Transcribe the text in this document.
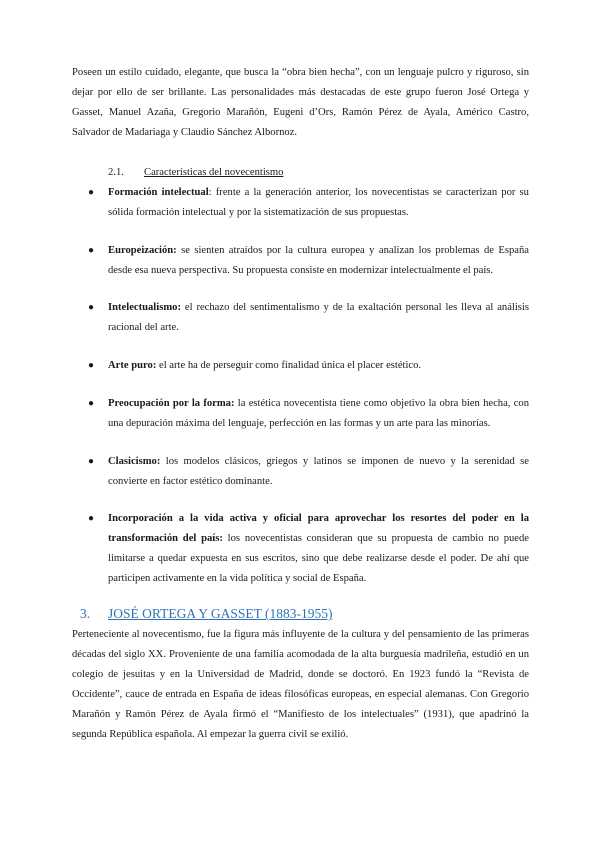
Poseen un estilo cuidado, elegante, que busca la “obra bien hecha”, con un lenguaje pulcro y riguroso, sin dejar por ello de ser brillante. Las personalidades más destacadas de este grupo fueron José Ortega y Gasset, Manuel Azaña, Gregorio Marañón, Eugeni d’Ors, Ramón Pérez de Ayala, Américo Castro, Salvador de Madariaga y Claudio Sánchez Albornoz.

2.1. Características del novecentismo
● Formación intelectual: frente a la generación anterior, los novecentistas se caracterizan por su sólida formación intelectual y por la sistematización de sus propuestas.
● Europeización: se sienten atraídos por la cultura europea y analizan los problemas de España desde esa nueva perspectiva. Su propuesta consiste en modernizar intelectualmente el país.
● Intelectualismo: el rechazo del sentimentalismo y de la exaltación personal les lleva al análisis racional del arte.
● Arte puro: el arte ha de perseguir como finalidad única el placer estético.
● Preocupación por la forma: la estética novecentista tiene como objetivo la obra bien hecha, con una depuración máxima del lenguaje, perfección en las formas y un arte para las minorías.
● Clasicismo: los modelos clásicos, griegos y latinos se imponen de nuevo y la serenidad se convierte en factor estético dominante.
● Incorporación a la vida activa y oficial para aprovechar los resortes del poder en la transformación del país: los novecentistas consideran que su propuesta de cambio no puede limitarse a quedar expuesta en sus escritos, sino que debe realizarse desde el poder. De ahí que participen activamente en la vida política y social de España.
3. JOSÉ ORTEGA Y GASSET (1883-1955)

Perteneciente al novecentismo, fue la figura más influyente de la cultura y del pensamiento de las primeras décadas del siglo XX. Proveniente de una familia acomodada de la alta burguesía madrileña, estudió en un colegio de jesuitas y en la Universidad de Madrid, donde se doctoró. En 1923 fundó la “Revista de Occidente”, cauce de entrada en España de ideas filosóficas europeas, en especial alemanas. Con Gregorio Marañón y Ramón Pérez de Ayala firmó el “Manifiesto de los intelectuales” (1931), que apadrinó la segunda República española. Al empezar la guerra civil se exilió.
